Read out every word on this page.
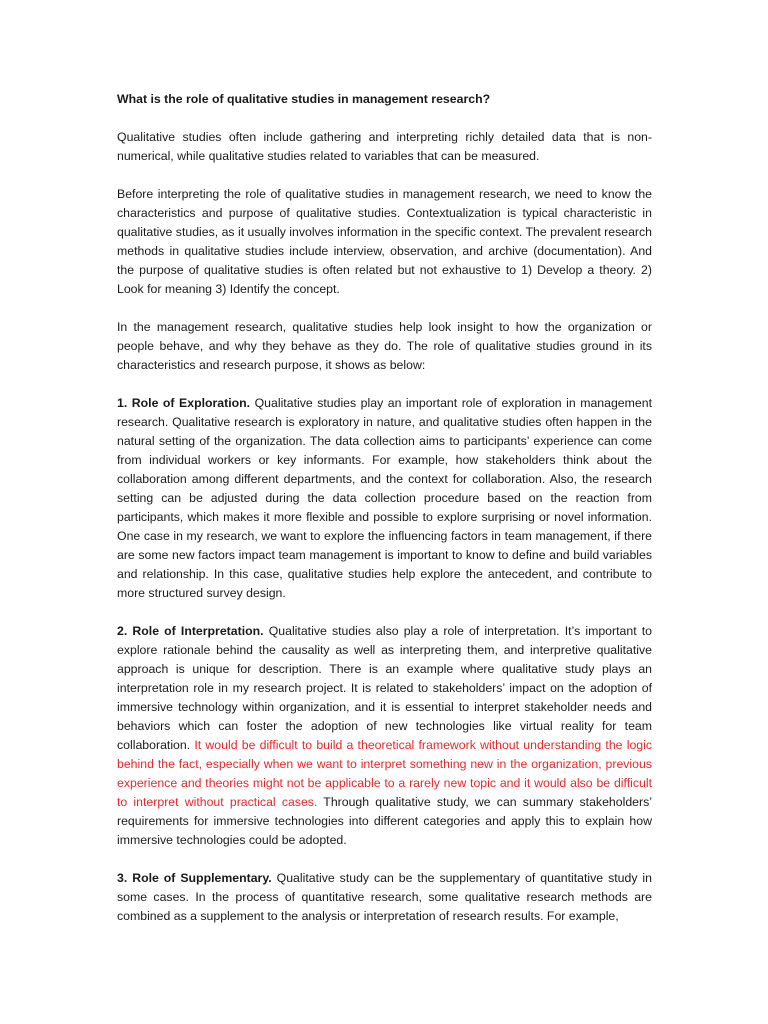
What is the role of qualitative studies in management research?

Qualitative studies often include gathering and interpreting richly detailed data that is non-numerical, while qualitative studies related to variables that can be measured.

Before interpreting the role of qualitative studies in management research, we need to know the characteristics and purpose of qualitative studies. Contextualization is typical characteristic in qualitative studies, as it usually involves information in the specific context. The prevalent research methods in qualitative studies include interview, observation, and archive (documentation). And the purpose of qualitative studies is often related but not exhaustive to 1) Develop a theory. 2) Look for meaning 3) Identify the concept.

In the management research, qualitative studies help look insight to how the organization or people behave, and why they behave as they do. The role of qualitative studies ground in its characteristics and research purpose, it shows as below:

1. Role of Exploration. Qualitative studies play an important role of exploration in management research. Qualitative research is exploratory in nature, and qualitative studies often happen in the natural setting of the organization. The data collection aims to participants’ experience can come from individual workers or key informants. For example, how stakeholders think about the collaboration among different departments, and the context for collaboration. Also, the research setting can be adjusted during the data collection procedure based on the reaction from participants, which makes it more flexible and possible to explore surprising or novel information. One case in my research, we want to explore the influencing factors in team management, if there are some new factors impact team management is important to know to define and build variables and relationship. In this case, qualitative studies help explore the antecedent, and contribute to more structured survey design.

2. Role of Interpretation. Qualitative studies also play a role of interpretation. It’s important to explore rationale behind the causality as well as interpreting them, and interpretive qualitative approach is unique for description. There is an example where qualitative study plays an interpretation role in my research project. It is related to stakeholders’ impact on the adoption of immersive technology within organization, and it is essential to interpret stakeholder needs and behaviors which can foster the adoption of new technologies like virtual reality for team collaboration. It would be difficult to build a theoretical framework without understanding the logic behind the fact, especially when we want to interpret something new in the organization, previous experience and theories might not be applicable to a rarely new topic and it would also be difficult to interpret without practical cases. Through qualitative study, we can summary stakeholders’ requirements for immersive technologies into different categories and apply this to explain how immersive technologies could be adopted.

3. Role of Supplementary. Qualitative study can be the supplementary of quantitative study in some cases. In the process of quantitative research, some qualitative research methods are combined as a supplement to the analysis or interpretation of research results. For example,
